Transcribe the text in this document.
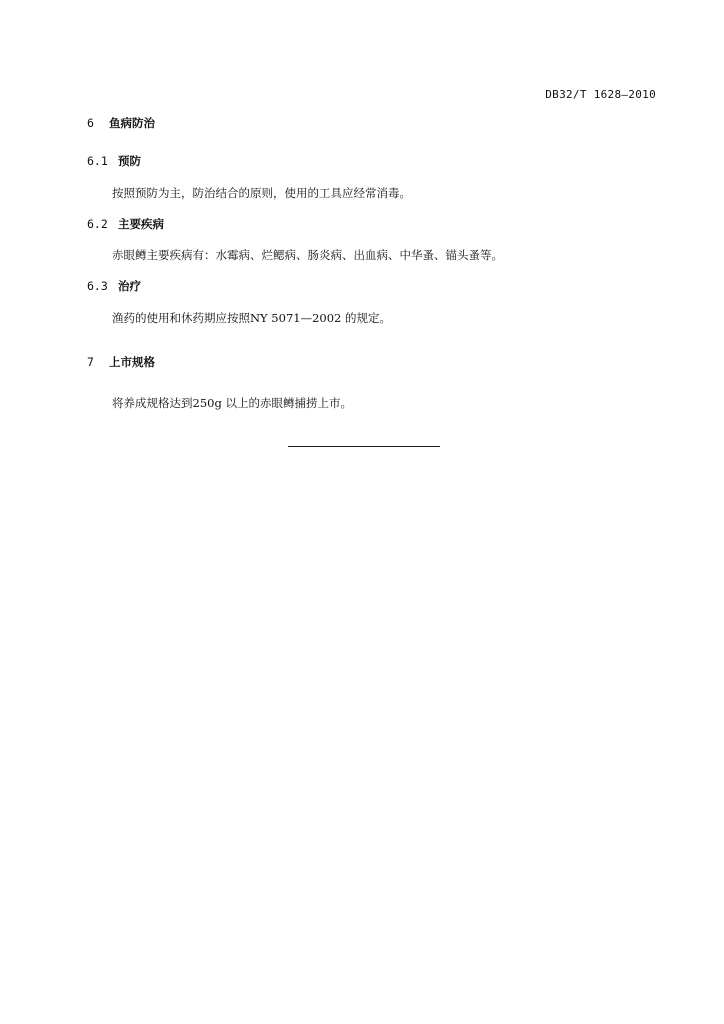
DB32/T 1628—2010
6 鱼病防治
6.1 预防
按照预防为主，防治结合的原则，使用的工具应经常消毒。
6.2 主要疾病
赤眼鳟主要疾病有：水霉病、烂鳃病、肠炎病、出血病、中华蚤、锚头蚤等。
6.3 治疗
渔药的使用和休药期应按照NY 5071—2002 的规定。
7 上市规格
将养成规格达到250g 以上的赤眼鳟捕捞上市。
